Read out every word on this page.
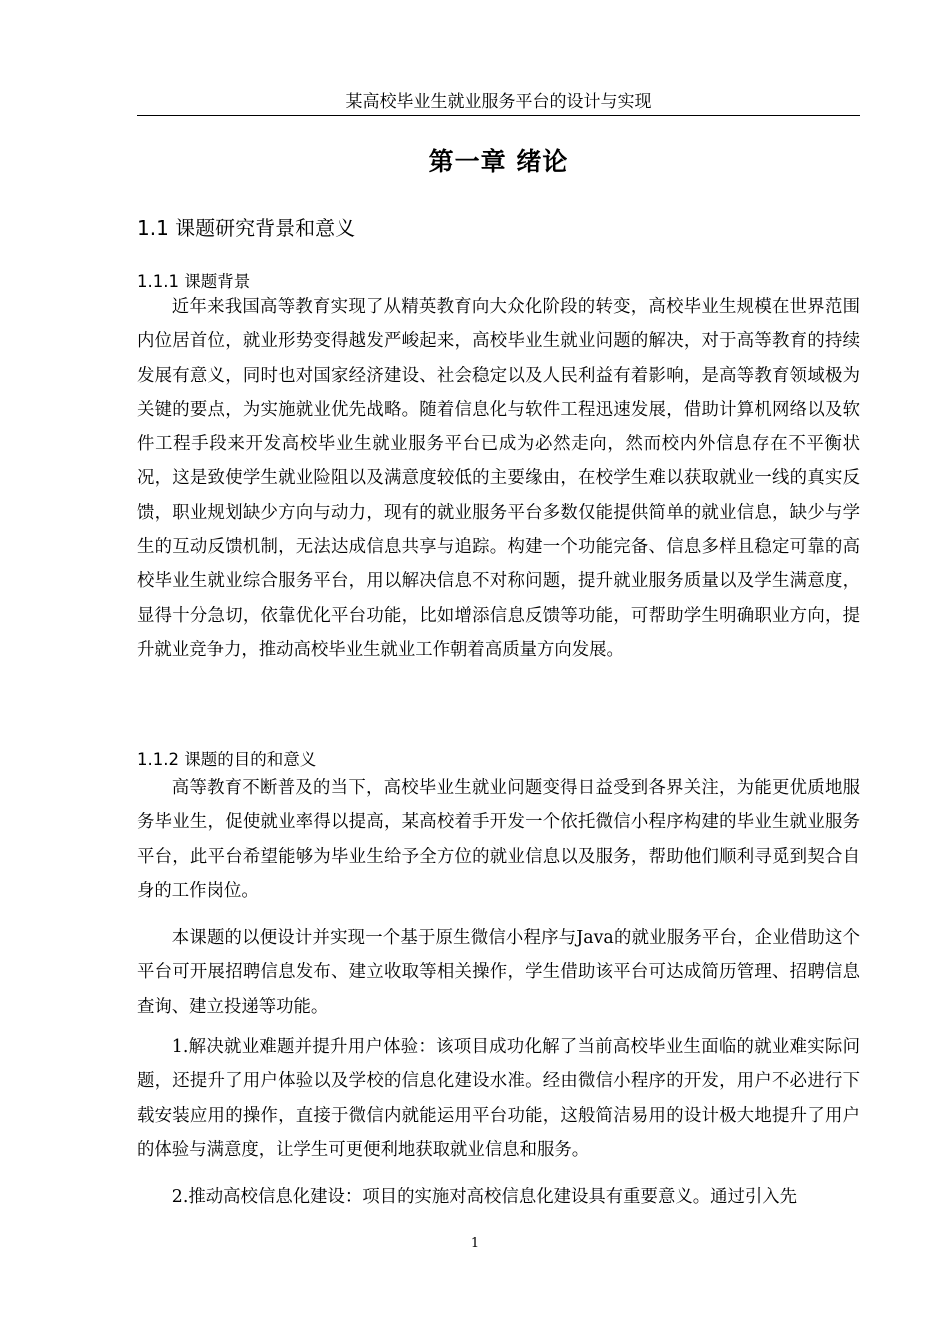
某高校毕业生就业服务平台的设计与实现
第一章 绪论
1.1 课题研究背景和意义
1.1.1 课题背景

近年来我国高等教育实现了从精英教育向大众化阶段的转变，高校毕业生规模在世界范围内位居首位，就业形势变得越发严峻起来，高校毕业生就业问题的解决，对于高等教育的持续发展有意义，同时也对国家经济建设、社会稳定以及人民利益有着影响，是高等教育领域极为关键的要点，为实施就业优先战略。随着信息化与软件工程迅速发展，借助计算机网络以及软件工程手段来开发高校毕业生就业服务平台已成为必然走向，然而校内外信息存在不平衡状况，这是致使学生就业险阻以及满意度较低的主要缘由，在校学生难以获取就业一线的真实反馈，职业规划缺少方向与动力，现有的就业服务平台多数仅能提供简单的就业信息，缺少与学生的互动反馈机制，无法达成信息共享与追踪。构建一个功能完备、信息多样且稳定可靠的高校毕业生就业综合服务平台，用以解决信息不对称问题，提升就业服务质量以及学生满意度，显得十分急切，依靠优化平台功能，比如增添信息反馈等功能，可帮助学生明确职业方向，提升就业竞争力，推动高校毕业生就业工作朝着高质量方向发展。

1.1.2 课题的目的和意义

高等教育不断普及的当下，高校毕业生就业问题变得日益受到各界关注，为能更优质地服务毕业生，促使就业率得以提高，某高校着手开发一个依托微信小程序构建的毕业生就业服务平台，此平台希望能够为毕业生给予全方位的就业信息以及服务，帮助他们顺利寻觅到契合自身的工作岗位。

本课题的以便设计并实现一个基于原生微信小程序与Java的就业服务平台，企业借助这个平台可开展招聘信息发布、建立收取等相关操作，学生借助该平台可达成简历管理、招聘信息查询、建立投递等功能。

1.解决就业难题并提升用户体验：该项目成功化解了当前高校毕业生面临的就业难实际问题，还提升了用户体验以及学校的信息化建设水准。经由微信小程序的开发，用户不必进行下载安装应用的操作，直接于微信内就能运用平台功能，这般简洁易用的设计极大地提升了用户的体验与满意度，让学生可更便利地获取就业信息和服务。

2.推动高校信息化建设：项目的实施对高校信息化建设具有重要意义。通过引入先

1
